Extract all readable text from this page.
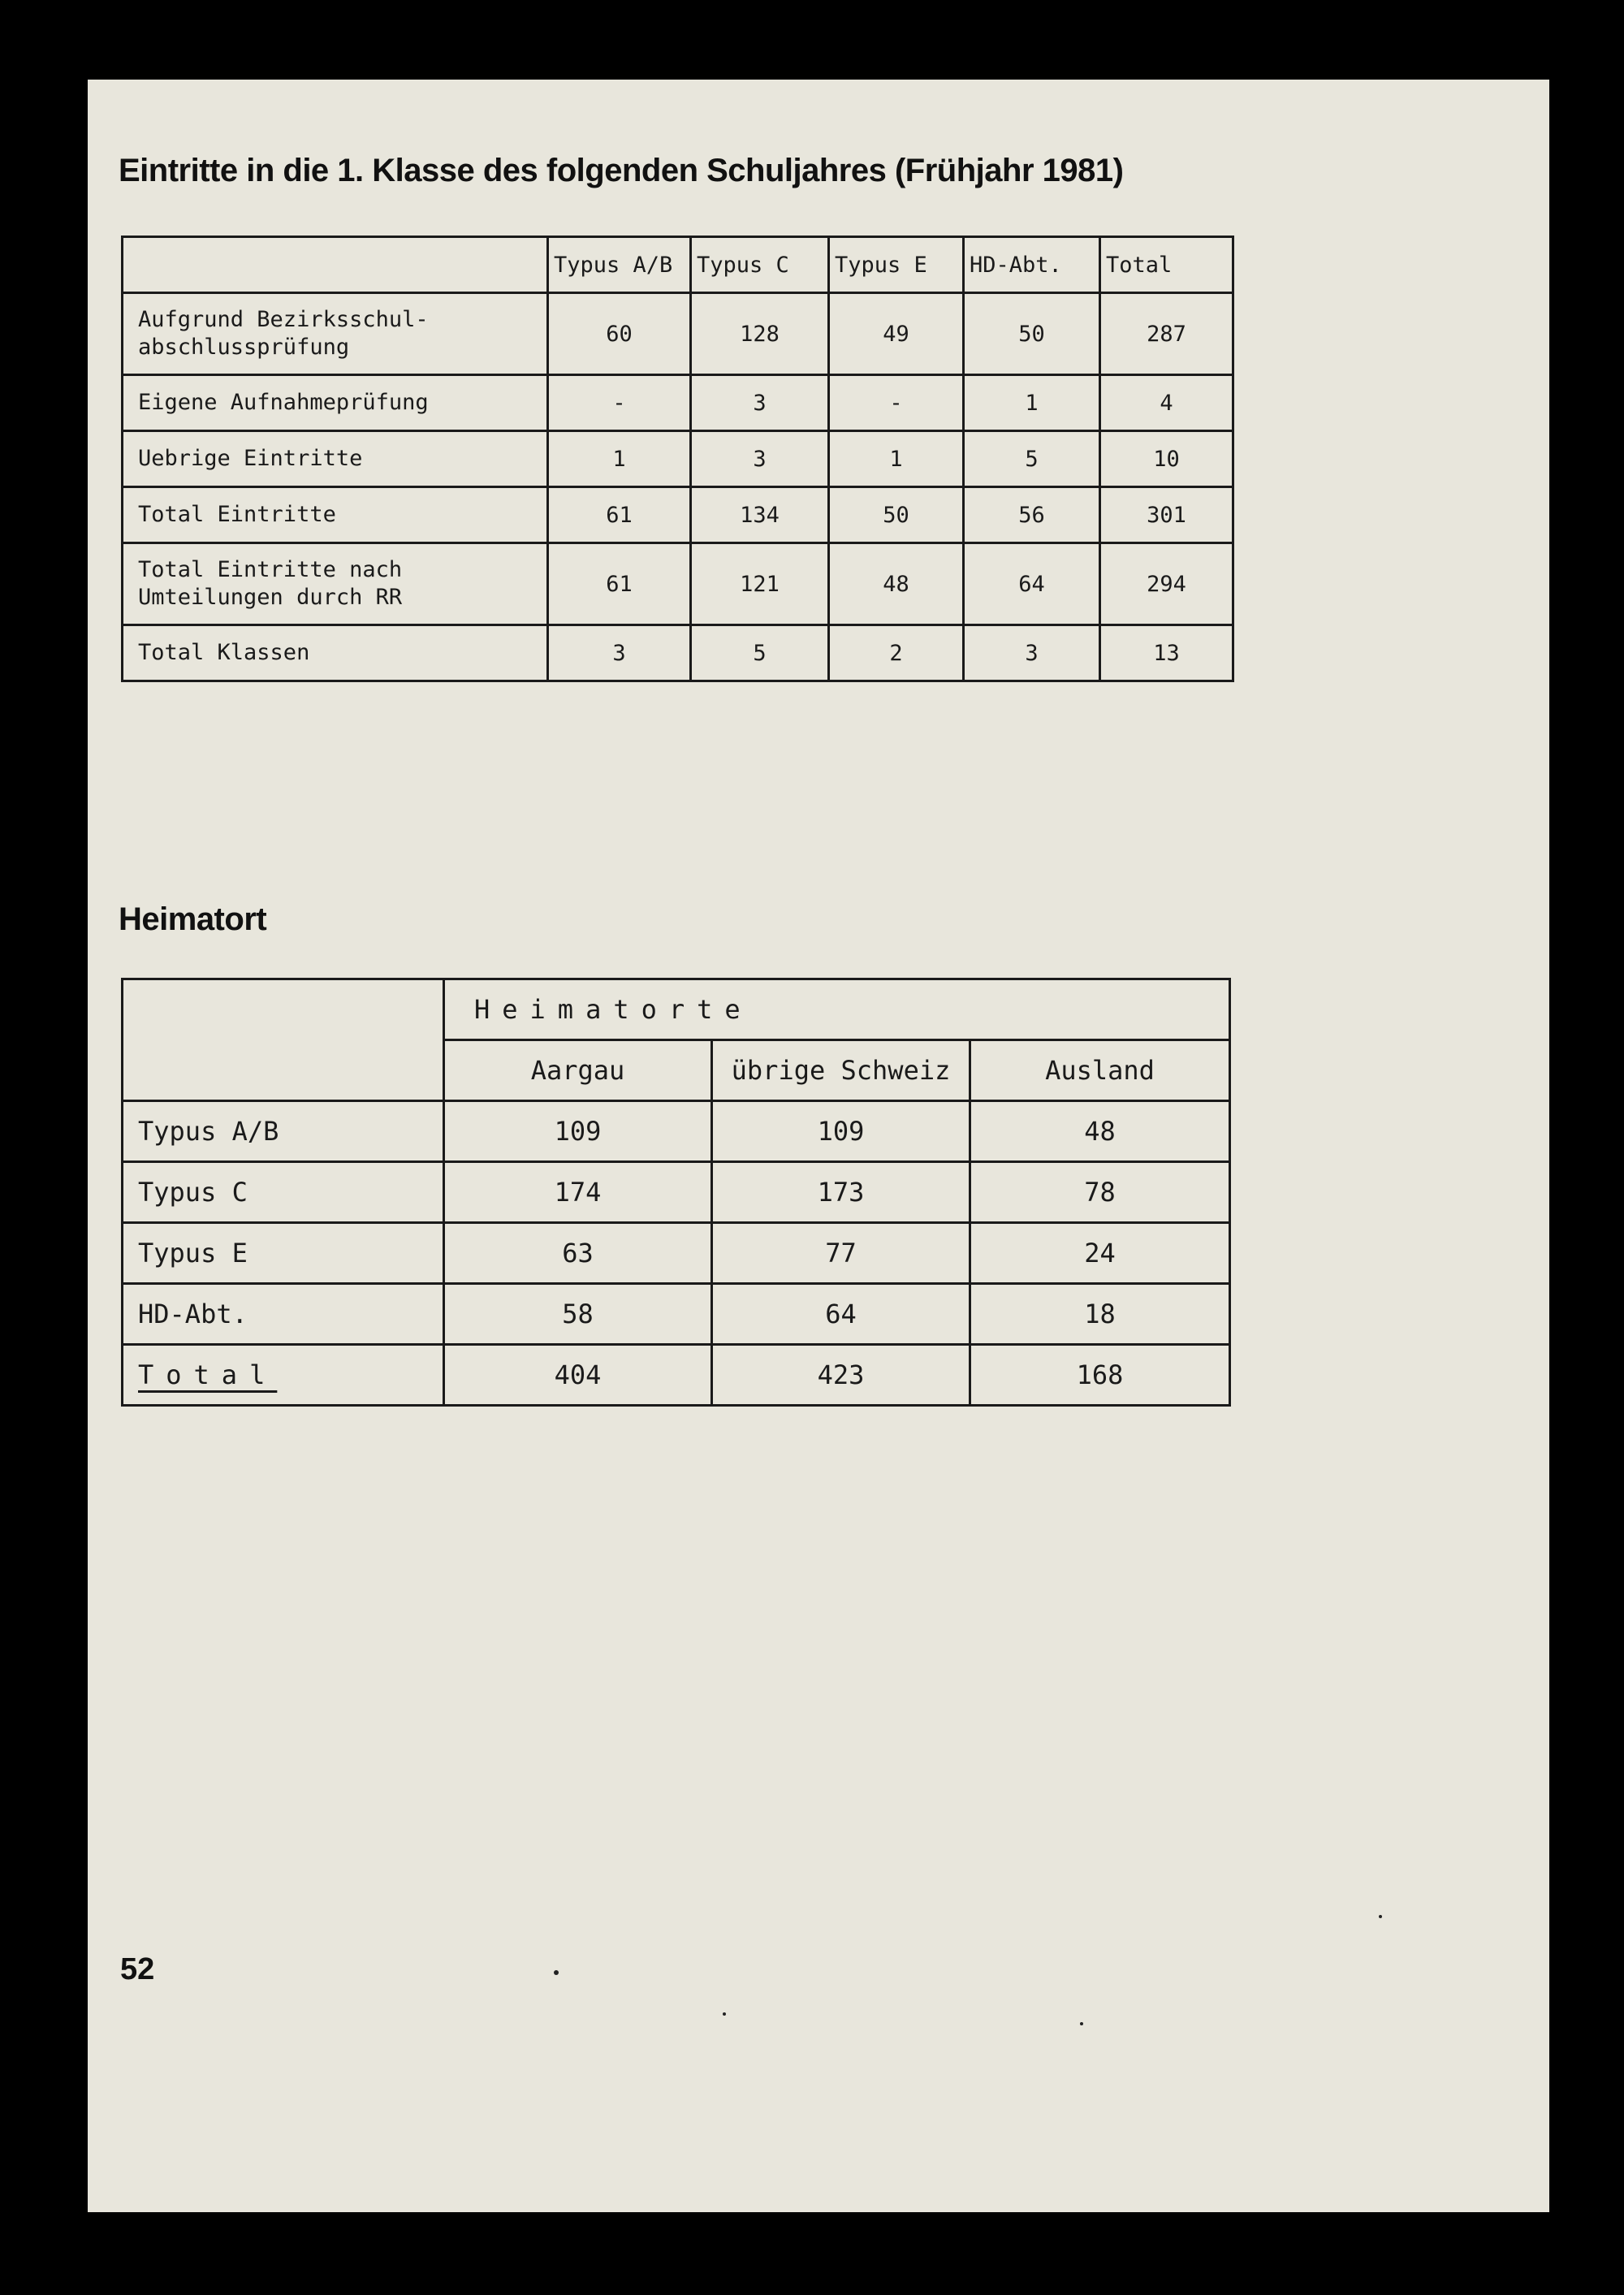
Eintritte in die 1. Klasse des folgenden Schuljahres (Frühjahr 1981)
	Typus A/B	Typus C	Typus E	HD-Abt.	Total
Aufgrund Bezirksschul-
abschlussprüfung	60	128	49	50	287
Eigene Aufnahmeprüfung	-	3	-	1	4
Uebrige Eintritte	1	3	1	5	10
Total Eintritte	61	134	50	56	301
Total Eintritte nach
Umteilungen durch RR	61	121	48	64	294
Total Klassen	3	5	2	3	13
Heimatort
	Heimatorte		
	Aargau	übrige Schweiz	Ausland
Typus A/B	109	109	48
Typus C	174	173	78
Typus E	63	77	24
HD-Abt.	58	64	18
Total	404	423	168
52
